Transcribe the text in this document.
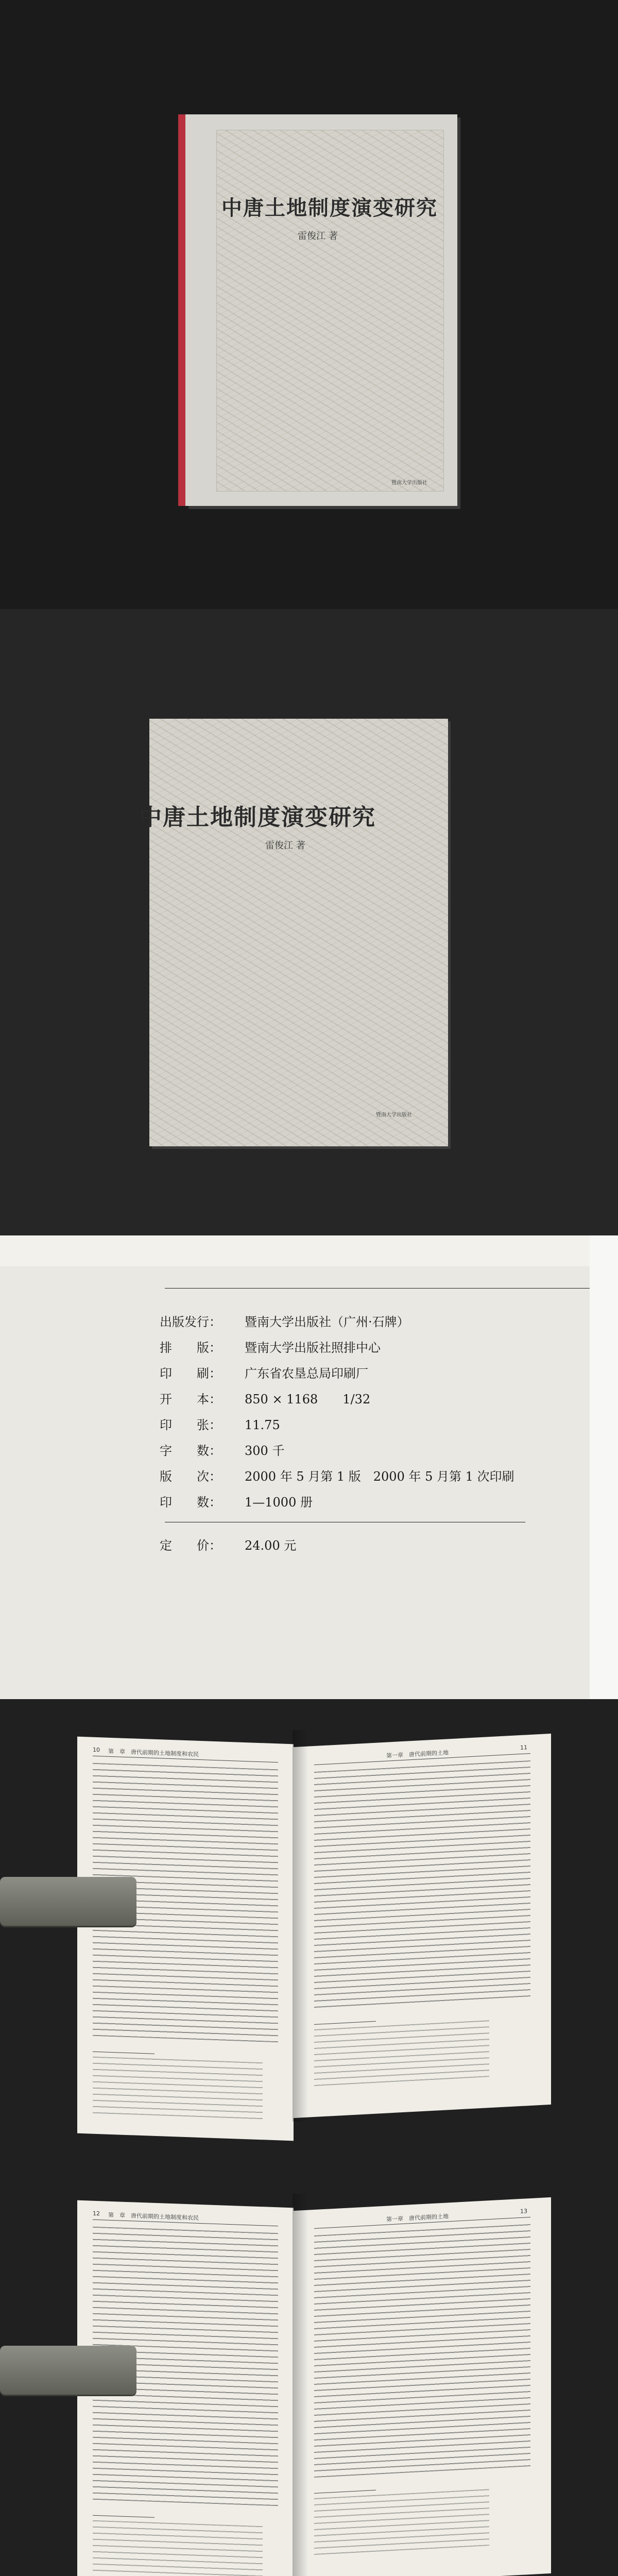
中唐土地制度演变研究
雷俊江 著
暨南大学出版社
中唐土地制度演变研究
雷俊江 著
暨南大学出版社
出版发行： 暨南大学出版社（广州·石牌）
排　　版： 暨南大学出版社照排中心
印　　刷： 广东省农垦总局印刷厂
开　　本： 850 × 1168　　1/32
印　　张： 11.75
字　　数： 300 千
版　　次： 2000 年 5 月第 1 版　2000 年 5 月第 1 次印刷
印　　数： 1—1000 册
定　　价： 24.00 元
第　章　唐代前期的土地制度和农民
10	第一章　唐代前期的土地
11
第　章　唐代前期的土地制度和农民
12	第一章　唐代前期的土地
13
